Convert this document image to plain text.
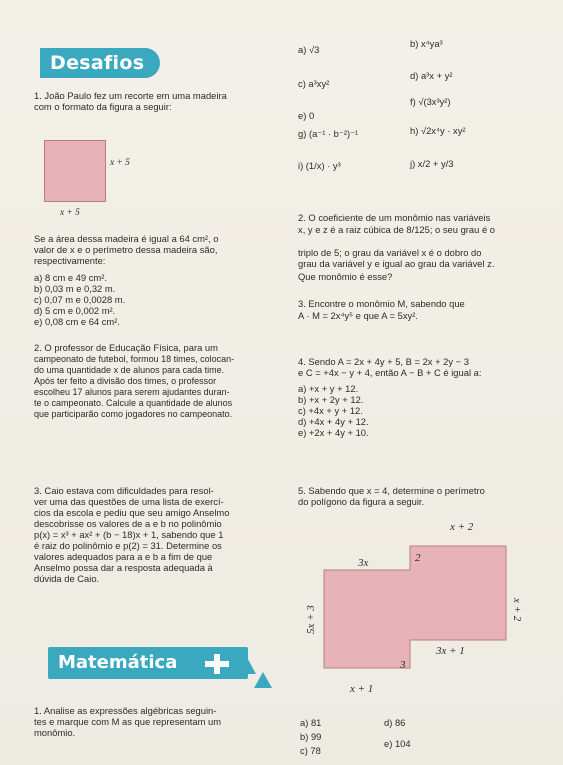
Desafios
1. João Paulo fez um recorte em uma madeira
com o formato da figura a seguir:
x + 5
x + 5
Se a área dessa madeira é igual a 64 cm², o
valor de x e o perímetro dessa madeira são,
respectivamente:
a) 8 cm e 49 cm².
b) 0,03 m e 0,32 m.
c) 0,07 m e 0,0028 m.
d) 5 cm e 0,002 m².
e) 0,08 cm e 64 cm².
2. O professor de Educação Física, para um
campeonato de futebol, formou 18 times, colocan-
do uma quantidade x de alunos para cada time.
Após ter feito a divisão dos times, o professor
escolheu 17 alunos para serem ajudantes duran-
te o campeonato. Calcule a quantidade de alunos
que participarão como jogadores no campeonato.
3. Caio estava com dificuldades para resol-
ver uma das questões de uma lista de exercí-
cios da escola e pediu que seu amigo Anselmo
descobrisse os valores de a e b no polinômio
p(x) = x³ + ax² + (b − 18)x + 1, sabendo que 1
é raiz do polinômio e p(2) = 31. Determine os
valores adequados para a e b a fim de que
Anselmo possa dar a resposta adequada à
dúvida de Caio.
Matemática
1. Analise as expressões algébricas seguin-
tes e marque com M as que representam um
monômio.
a) √3
b) x⁴ya³
c) a³xy²
d) a³x + y²
e) 0
f) √(3x³y²)
g) (a⁻¹ · b⁻²)⁻¹	h) √2x⁴y · xy²
i) (1/x) · y³	j) x/2 + y/3
2. O coeficiente de um monômio nas variáveis
x, y e z é a raiz cúbica de 8/125; o seu grau é o
triplo de 5; o grau da variável x é o dobro do
grau da variável y e igual ao grau da variável z.
Que monômio é esse?
3. Encontre o monômio M, sabendo que
A · M = 2x⁴y⁵ e que A = 5xy².
4. Sendo A = 2x + 4y + 5, B = 2x + 2y − 3
e C = +4x − y + 4, então A − B + C é igual a:
a) +x + y + 12.
b) +x + 2y + 12.
c) +4x + y + 12.
d) +4x + 4y + 12.
e) +2x + 4y + 10.
5. Sabendo que x = 4, determine o perímetro
do polígono da figura a seguir.
x + 2
3x	2
x + 2
5x + 3
3x + 1
3
x + 1
a) 81
b) 99
c) 78
d) 86
e) 104
